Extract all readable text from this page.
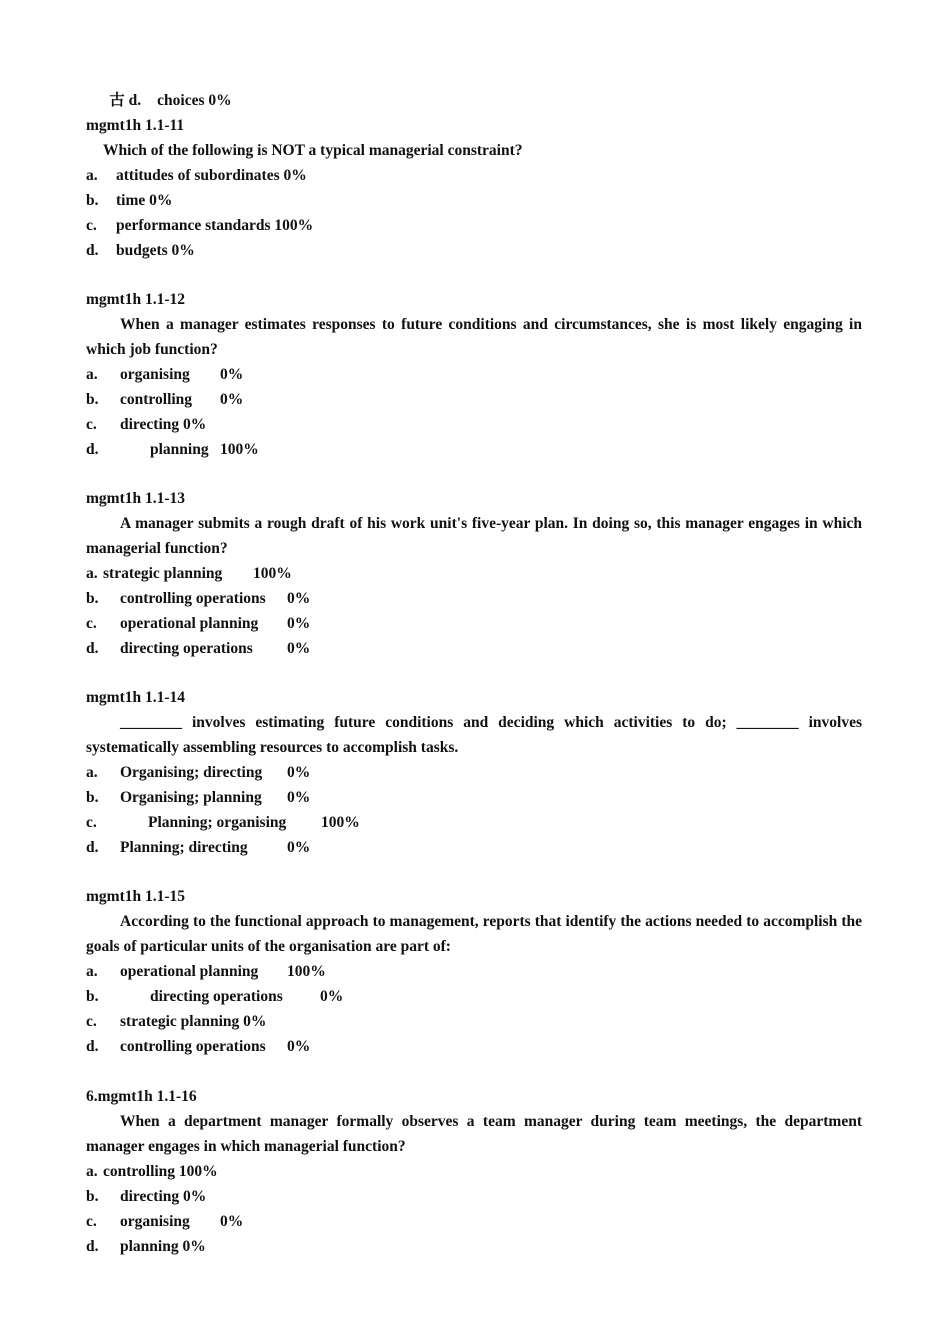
古 d. choices 0%

mgmt1h 1.1-11
Which of the following is NOT a typical managerial constraint?
a.	attitudes of subordinates 0%
b.	time 0%
c.	performance standards 100%
d.	budgets 0%
mgmt1h 1.1-12
When a manager estimates responses to future conditions and circumstances, she is most likely engaging in which job function?
a.	organising	0%
b.	controlling	0%
c.	directing 0%
d.	planning 100%
mgmt1h 1.1-13
A manager submits a rough draft of his work unit's five-year plan. In doing so, this manager engages in which managerial function?
a. strategic planning	100%
b.	controlling operations	0%
c.	operational planning	0%
d.	directing operations	0%
mgmt1h 1.1-14
________ involves estimating future conditions and deciding which activities to do; ________ involves systematically assembling resources to accomplish tasks.
a.	Organising; directing	0%
b.	Organising; planning	0%
c.	Planning; organising	100%
d.	Planning; directing	0%
mgmt1h 1.1-15
According to the functional approach to management, reports that identify the actions needed to accomplish the goals of particular units of the organisation are part of:
a.	operational planning	100%
b.	directing operations	0%
c.	strategic planning 0%
d.	controlling operations	0%
6.mgmt1h 1.1-16
When a department manager formally observes a team manager during team meetings, the department manager engages in which managerial function?
a. controlling 100%
b.	directing 0%
c.	organising	0%
d.	planning 0%
